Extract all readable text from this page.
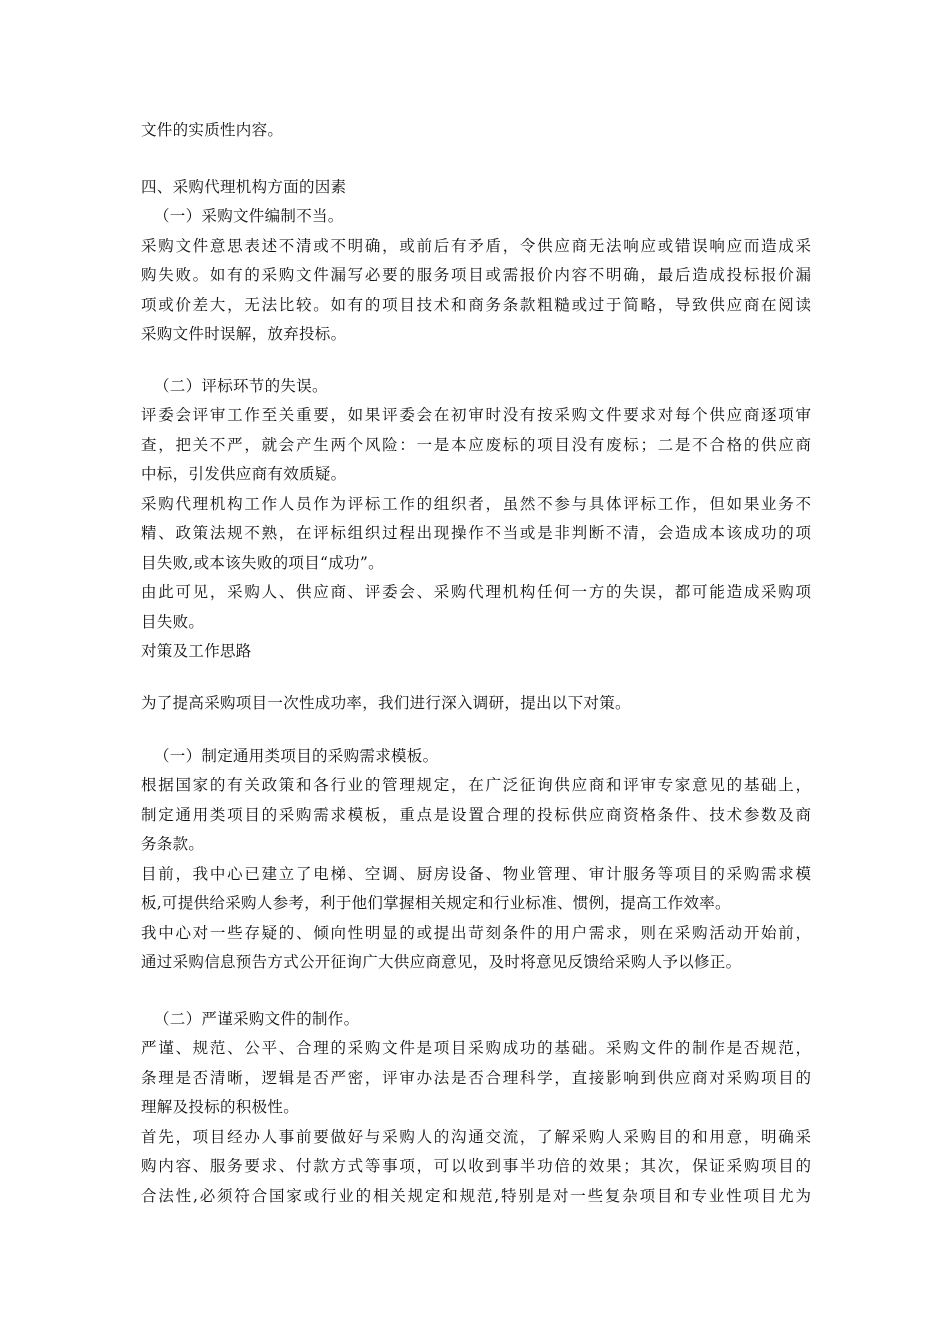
文件的实质性内容。

四、采购代理机构方面的因素

（一）采购文件编制不当。

采购文件意思表述不清或不明确，或前后有矛盾，令供应商无法响应或错误响应而造成采

购失败。如有的采购文件漏写必要的服务项目或需报价内容不明确，最后造成投标报价漏

项或价差大，无法比较。如有的项目技术和商务条款粗糙或过于简略，导致供应商在阅读

采购文件时误解，放弃投标。

（二）评标环节的失误。

评委会评审工作至关重要，如果评委会在初审时没有按采购文件要求对每个供应商逐项审

查，把关不严，就会产生两个风险：一是本应废标的项目没有废标；二是不合格的供应商

中标，引发供应商有效质疑。

采购代理机构工作人员作为评标工作的组织者，虽然不参与具体评标工作，但如果业务不

精、政策法规不熟，在评标组织过程出现操作不当或是非判断不清，会造成本该成功的项

目失败,或本该失败的项目“成功”。

由此可见，采购人、供应商、评委会、采购代理机构任何一方的失误，都可能造成采购项

目失败。

对策及工作思路

为了提高采购项目一次性成功率，我们进行深入调研，提出以下对策。

（一）制定通用类项目的采购需求模板。

根据国家的有关政策和各行业的管理规定，在广泛征询供应商和评审专家意见的基础上，

制定通用类项目的采购需求模板，重点是设置合理的投标供应商资格条件、技术参数及商

务条款。

目前，我中心已建立了电梯、空调、厨房设备、物业管理、审计服务等项目的采购需求模

板,可提供给采购人参考，利于他们掌握相关规定和行业标准、惯例，提高工作效率。

我中心对一些存疑的、倾向性明显的或提出苛刻条件的用户需求，则在采购活动开始前，

通过采购信息预告方式公开征询广大供应商意见，及时将意见反馈给采购人予以修正。

（二）严谨采购文件的制作。

严谨、规范、公平、合理的采购文件是项目采购成功的基础。采购文件的制作是否规范，

条理是否清晰，逻辑是否严密，评审办法是否合理科学，直接影响到供应商对采购项目的

理解及投标的积极性。

首先，项目经办人事前要做好与采购人的沟通交流，了解采购人采购目的和用意，明确采

购内容、服务要求、付款方式等事项，可以收到事半功倍的效果；其次，保证采购项目的

合法性,必须符合国家或行业的相关规定和规范,特别是对一些复杂项目和专业性项目尤为
